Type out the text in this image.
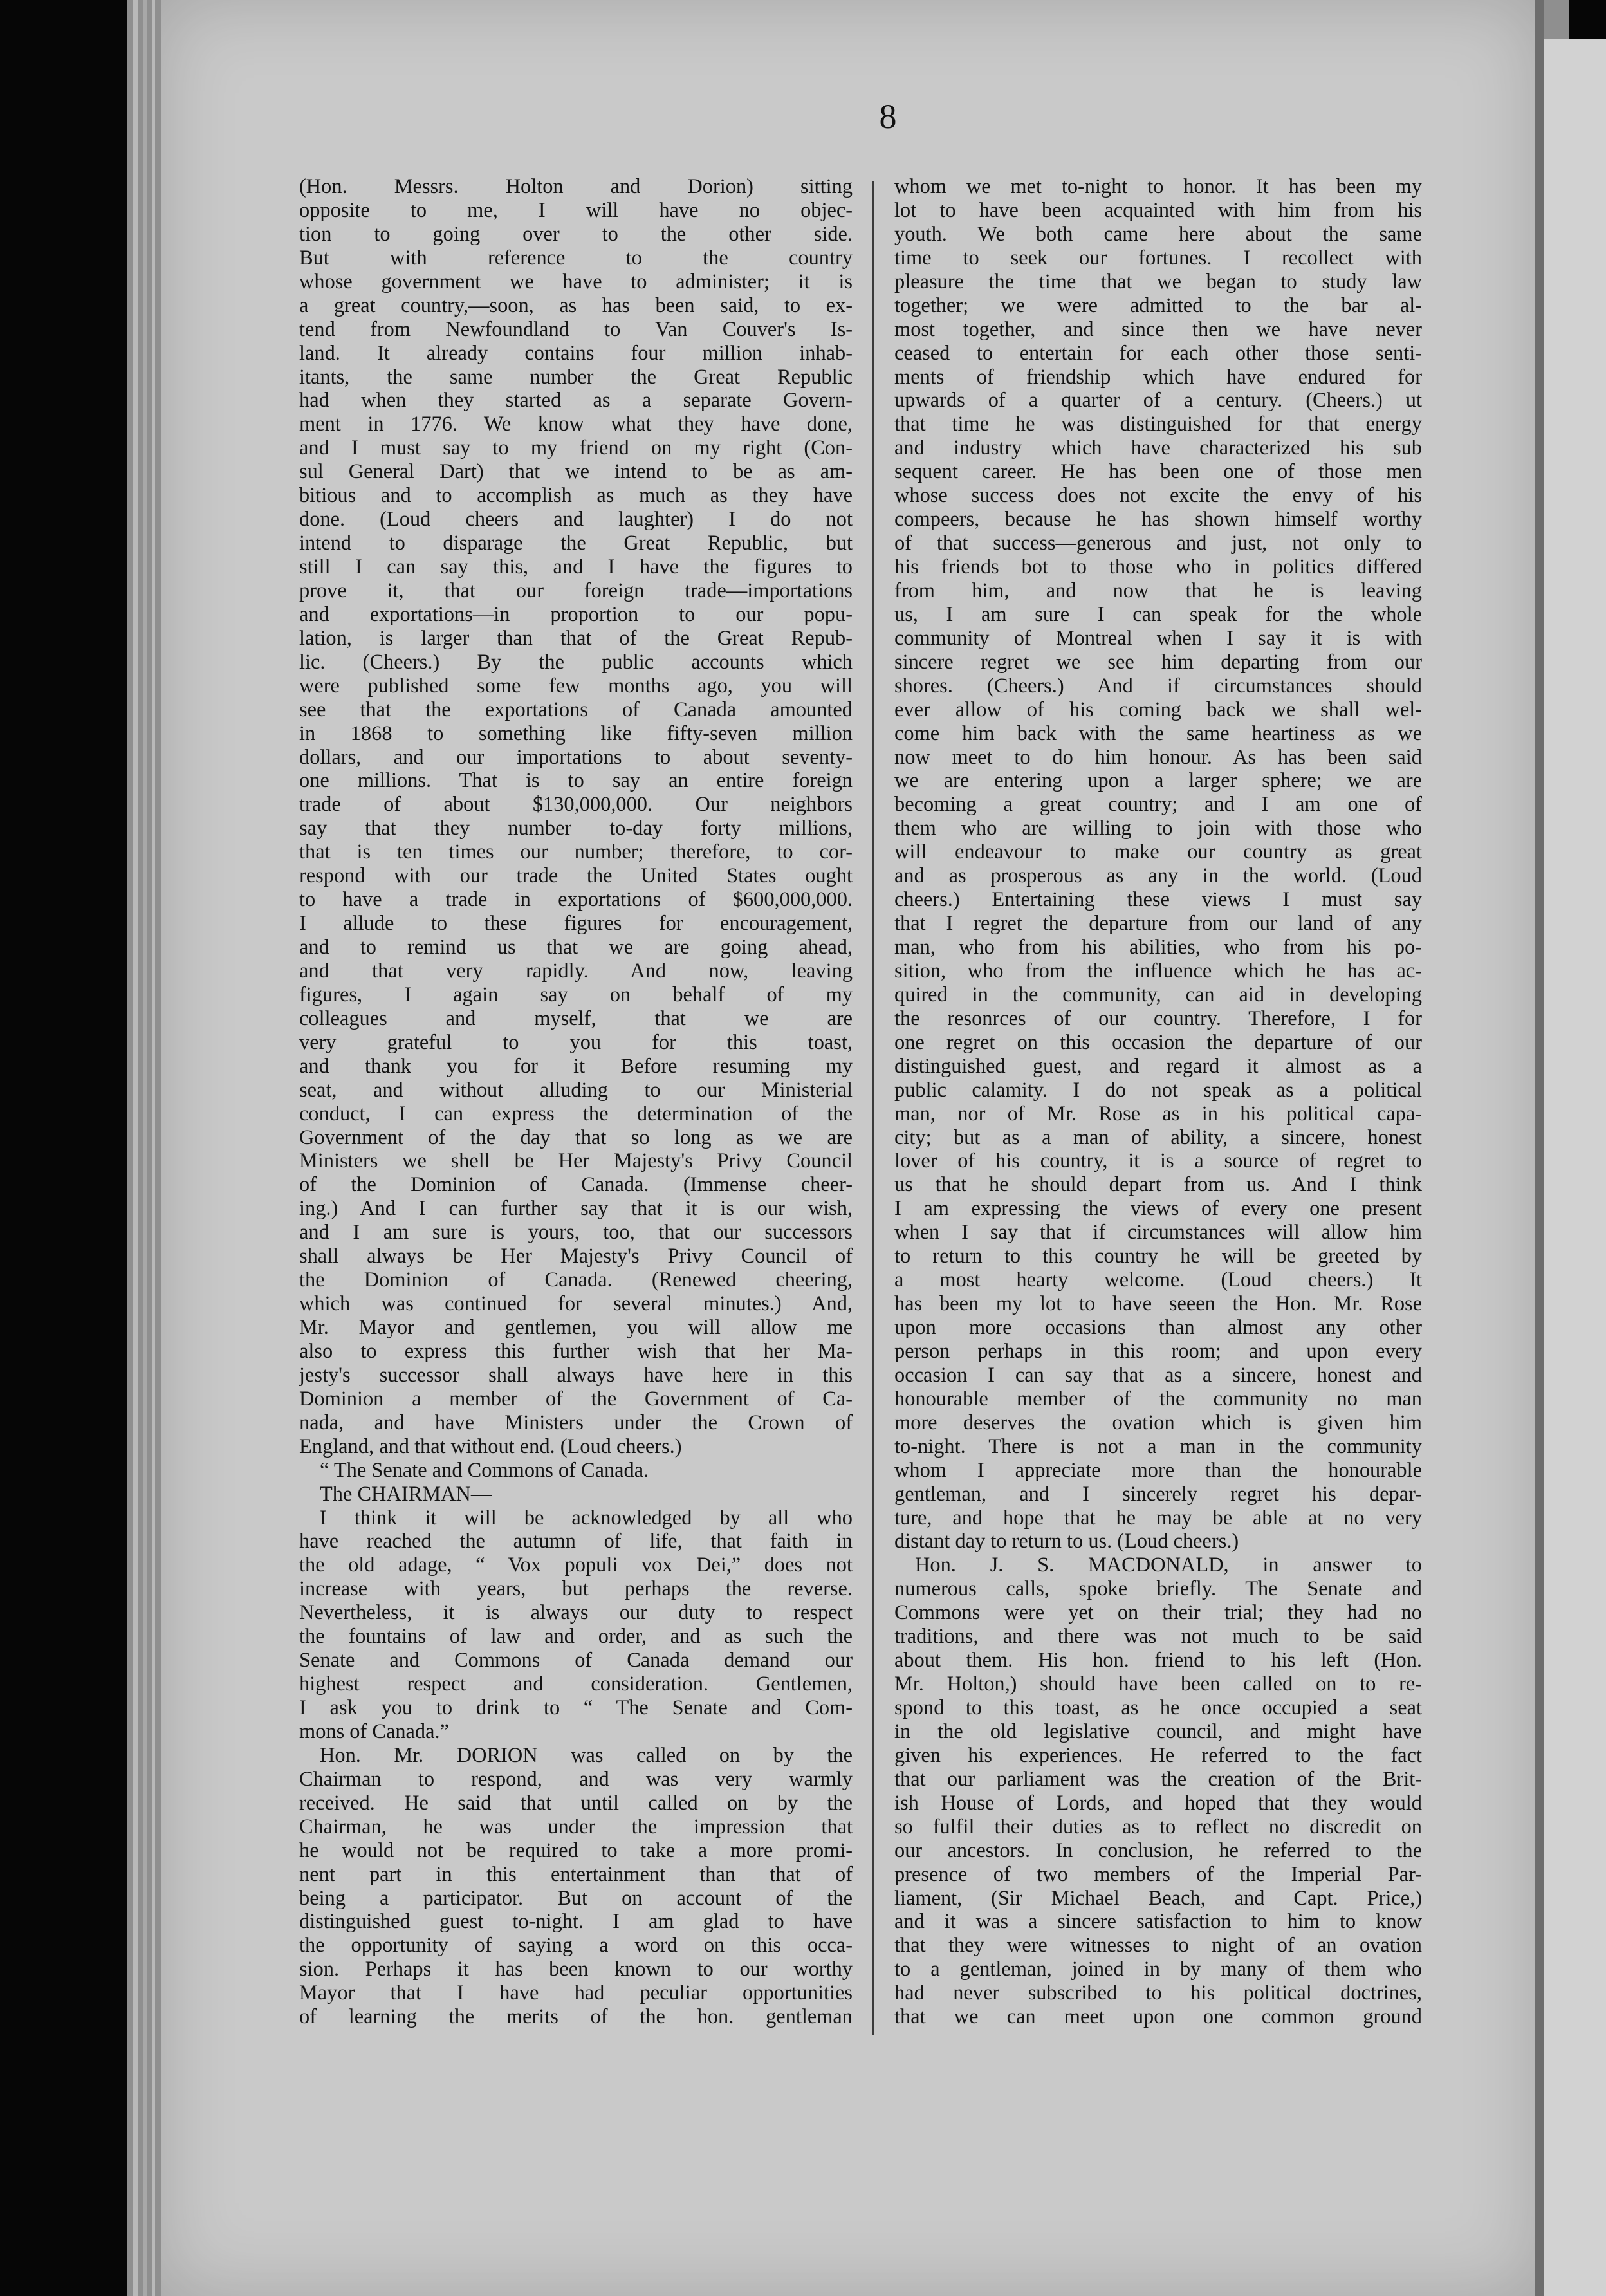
8
(Hon. Messrs. Holton and Dorion) sitting
opposite to me, I will have no objec-
tion to going over to the other side.
But with reference to the country
whose government we have to administer; it is
a great country,—soon, as has been said, to ex-
tend from Newfoundland to Van Couver's Is-
land. It already contains four million inhab-
itants, the same number the Great Republic
had when they started as a separate Govern-
ment in 1776. We know what they have done,
and I must say to my friend on my right (Con-
sul General Dart) that we intend to be as am-
bitious and to accomplish as much as they have
done. (Loud cheers and laughter) I do not
intend to disparage the Great Republic, but
still I can say this, and I have the figures to
prove it, that our foreign trade—importations
and exportations—in proportion to our popu-
lation, is larger than that of the Great Repub-
lic. (Cheers.) By the public accounts which
were published some few months ago, you will
see that the exportations of Canada amounted
in 1868 to something like fifty-seven million
dollars, and our importations to about seventy-
one millions. That is to say an entire foreign
trade of about $130,000,000. Our neighbors
say that they number to-day forty millions,
that is ten times our number; therefore, to cor-
respond with our trade the United States ought
to have a trade in exportations of $600,000,000.
I allude to these figures for encouragement,
and to remind us that we are going ahead,
and that very rapidly. And now, leaving
figures, I again say on behalf of my
colleagues and myself, that we are
very grateful to you for this toast,
and thank you for it Before resuming my
seat, and without alluding to our Ministerial
conduct, I can express the determination of the
Government of the day that so long as we are
Ministers we shell be Her Majesty's Privy Council
of the Dominion of Canada. (Immense cheer-
ing.) And I can further say that it is our wish,
and I am sure is yours, too, that our successors
shall always be Her Majesty's Privy Council of
the Dominion of Canada. (Renewed cheering,
which was continued for several minutes.) And,
Mr. Mayor and gentlemen, you will allow me
also to express this further wish that her Ma-
jesty's successor shall always have here in this
Dominion a member of the Government of Ca-
nada, and have Ministers under the Crown of
England, and that without end. (Loud cheers.)
“ The Senate and Commons of Canada.
The CHAIRMAN—
I think it will be acknowledged by all who
have reached the autumn of life, that faith in
the old adage, “ Vox populi vox Dei,” does not
increase with years, but perhaps the reverse.
Nevertheless, it is always our duty to respect
the fountains of law and order, and as such the
Senate and Commons of Canada demand our
highest respect and consideration. Gentlemen,
I ask you to drink to “ The Senate and Com-
mons of Canada.”
Hon. Mr. DORION was called on by the
Chairman to respond, and was very warmly
received. He said that until called on by the
Chairman, he was under the impression that
he would not be required to take a more promi-
nent part in this entertainment than that of
being a participator. But on account of the
distinguished guest to-night. I am glad to have
the opportunity of saying a word on this occa-
sion. Perhaps it has been known to our worthy
Mayor that I have had peculiar opportunities
of learning the merits of the hon. gentleman
whom we met to-night to honor. It has been my
lot to have been acquainted with him from his
youth. We both came here about the same
time to seek our fortunes. I recollect with
pleasure the time that we began to study law
together; we were admitted to the bar al-
most together, and since then we have never
ceased to entertain for each other those senti-
ments of friendship which have endured for
upwards of a quarter of a century. (Cheers.) ut
that time he was distinguished for that energy
and industry which have characterized his sub
sequent career. He has been one of those men
whose success does not excite the envy of his
compeers, because he has shown himself worthy
of that success—generous and just, not only to
his friends bot to those who in politics differed
from him, and now that he is leaving
us, I am sure I can speak for the whole
community of Montreal when I say it is with
sincere regret we see him departing from our
shores. (Cheers.) And if circumstances should
ever allow of his coming back we shall wel-
come him back with the same heartiness as we
now meet to do him honour. As has been said
we are entering upon a larger sphere; we are
becoming a great country; and I am one of
them who are willing to join with those who
will endeavour to make our country as great
and as prosperous as any in the world. (Loud
cheers.) Entertaining these views I must say
that I regret the departure from our land of any
man, who from his abilities, who from his po-
sition, who from the influence which he has ac-
quired in the community, can aid in developing
the resonrces of our country. Therefore, I for
one regret on this occasion the departure of our
distinguished guest, and regard it almost as a
public calamity. I do not speak as a political
man, nor of Mr. Rose as in his political capa-
city; but as a man of ability, a sincere, honest
lover of his country, it is a source of regret to
us that he should depart from us. And I think
I am expressing the views of every one present
when I say that if circumstances will allow him
to return to this country he will be greeted by
a most hearty welcome. (Loud cheers.) It
has been my lot to have seeen the Hon. Mr. Rose
upon more occasions than almost any other
person perhaps in this room; and upon every
occasion I can say that as a sincere, honest and
honourable member of the community no man
more deserves the ovation which is given him
to-night. There is not a man in the community
whom I appreciate more than the honourable
gentleman, and I sincerely regret his depar-
ture, and hope that he may be able at no very
distant day to return to us. (Loud cheers.)
Hon. J. S. MACDONALD, in answer to
numerous calls, spoke briefly. The Senate and
Commons were yet on their trial; they had no
traditions, and there was not much to be said
about them. His hon. friend to his left (Hon.
Mr. Holton,) should have been called on to re-
spond to this toast, as he once occupied a seat
in the old legislative council, and might have
given his experiences. He referred to the fact
that our parliament was the creation of the Brit-
ish House of Lords, and hoped that they would
so fulfil their duties as to reflect no discredit on
our ancestors. In conclusion, he referred to the
presence of two members of the Imperial Par-
liament, (Sir Michael Beach, and Capt. Price,)
and it was a sincere satisfaction to him to know
that they were witnesses to night of an ovation
to a gentleman, joined in by many of them who
had never subscribed to his political doctrines,
that we can meet upon one common ground
